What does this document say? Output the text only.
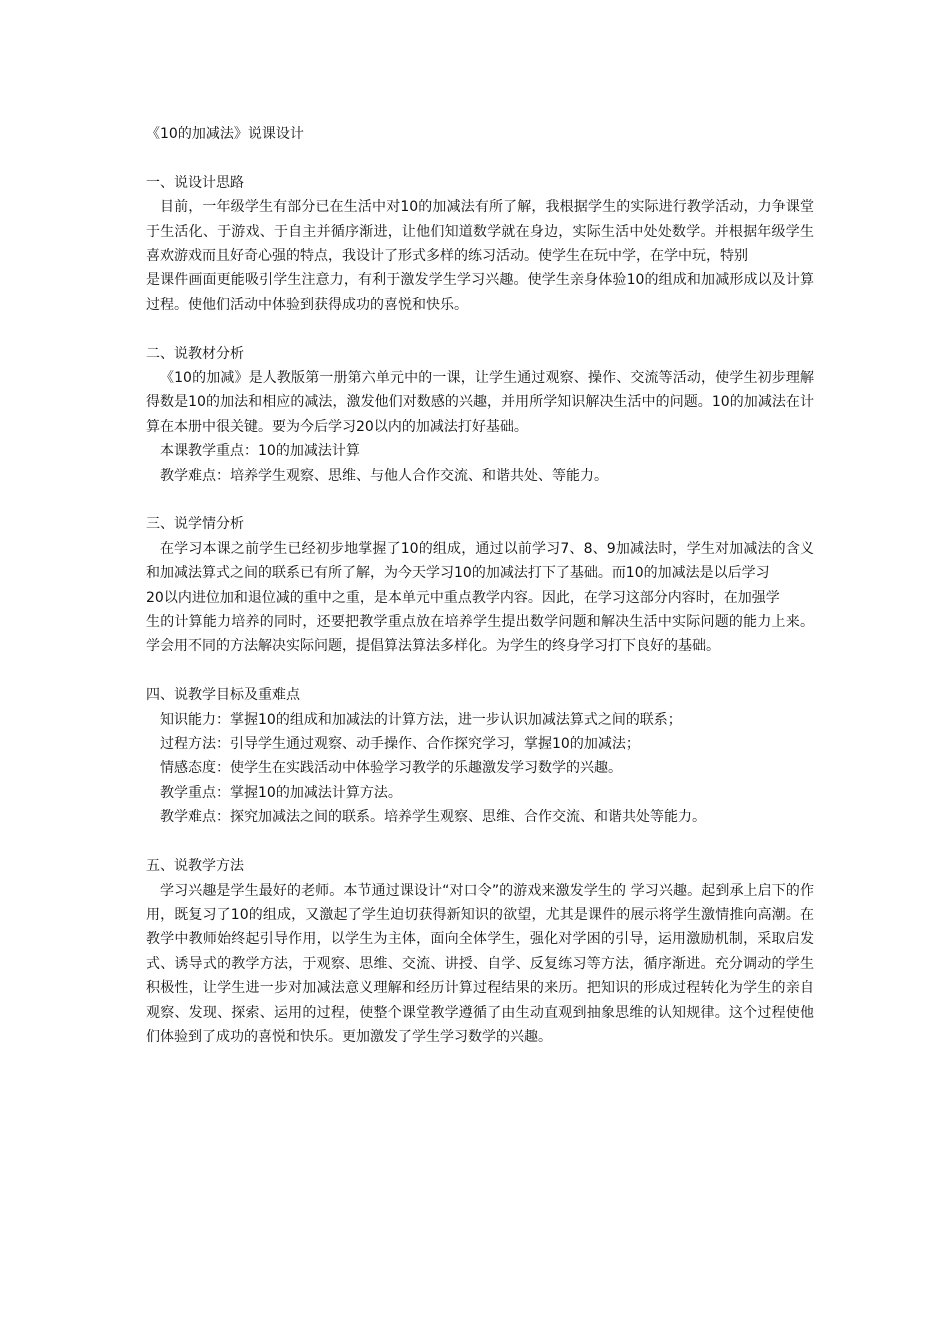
《10的加减法》说课设计
一、说设计思路

目前，一年级学生有部分已在生活中对10的加减法有所了解，我根据学生的实际进行教学活动，力争课堂于生活化、于游戏、于自主并循序渐进，让他们知道数学就在身边，实际生活中处处数学。并根据年级学生喜欢游戏而且好奇心强的特点，我设计了形式多样的练习活动。使学生在玩中学，在学中玩，特别

是课件画面更能吸引学生注意力，有利于激发学生学习兴趣。使学生亲身体验10的组成和加减形成以及计算过程。使他们活动中体验到获得成功的喜悦和快乐。

二、说教材分析

《10的加减》是人教版第一册第六单元中的一课，让学生通过观察、操作、交流等活动，使学生初步理解得数是10的加法和相应的减法，激发他们对数感的兴趣，并用所学知识解决生活中的问题。10的加减法在计算在本册中很关键。要为今后学习20以内的加减法打好基础。

本课教学重点：10的加减法计算

教学难点：培养学生观察、思维、与他人合作交流、和谐共处、等能力。

三、说学情分析

在学习本课之前学生已经初步地掌握了10的组成，通过以前学习7、8、9加减法时，学生对加减法的含义和加减法算式之间的联系已有所了解，为今天学习10的加减法打下了基础。而10的加减法是以后学习

20以内进位加和退位减的重中之重，是本单元中重点教学内容。因此，在学习这部分内容时，在加强学

生的计算能力培养的同时，还要把教学重点放在培养学生提出数学问题和解决生活中实际问题的能力上来。学会用不同的方法解决实际问题，提倡算法算法多样化。为学生的终身学习打下良好的基础。

四、说教学目标及重难点

知识能力：掌握10的组成和加减法的计算方法，进一步认识加减法算式之间的联系；

过程方法：引导学生通过观察、动手操作、合作探究学习，掌握10的加减法；

情感态度：使学生在实践活动中体验学习教学的乐趣激发学习数学的兴趣。

教学重点：掌握10的加减法计算方法。

教学难点：探究加减法之间的联系。培养学生观察、思维、合作交流、和谐共处等能力。

五、说教学方法

学习兴趣是学生最好的老师。本节通过课设计“对口令”的游戏来激发学生的 学习兴趣。起到承上启下的作用，既复习了10的组成，又激起了学生迫切获得新知识的欲望，尤其是课件的展示将学生激情推向高潮。在教学中教师始终起引导作用，以学生为主体，面向全体学生，强化对学困的引导，运用激励机制，采取启发式、诱导式的教学方法，于观察、思维、交流、讲授、自学、反复练习等方法，循序渐进。充分调动的学生积极性，让学生进一步对加减法意义理解和经历计算过程结果的来历。把知识的形成过程转化为学生的亲自观察、发现、探索、运用的过程，使整个课堂教学遵循了由生动直观到抽象思维的认知规律。这个过程使他们体验到了成功的喜悦和快乐。更加激发了学生学习数学的兴趣。
